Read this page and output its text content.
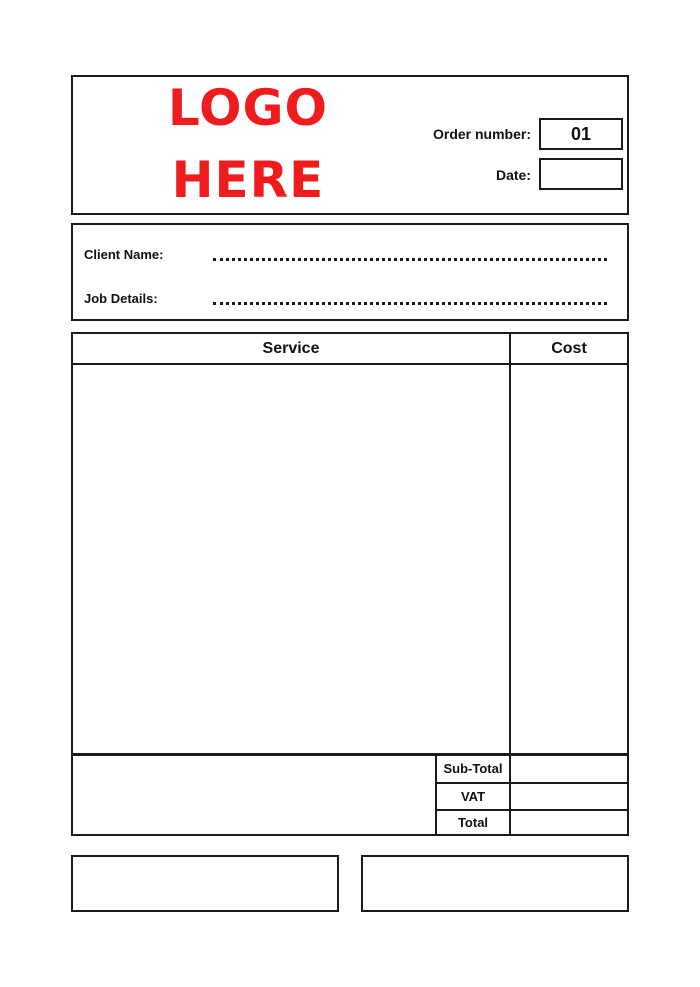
LOGO
HERE
Order number:	01
Date:
Client Name:
Job Details:
Service	Cost
Sub-Total
VAT
Total
